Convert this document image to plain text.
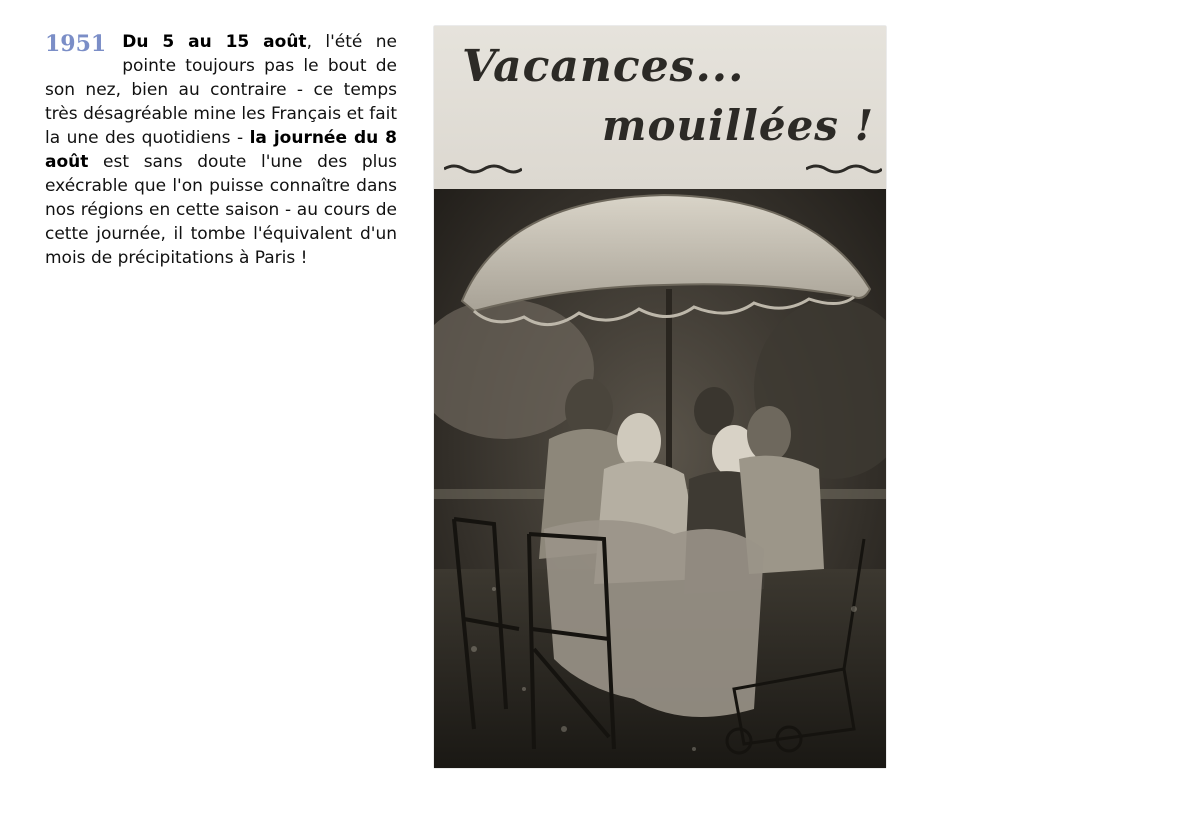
1951 Du 5 au 15 août, l'été ne pointe toujours pas le bout de son nez, bien au contraire - ce temps très désagréable mine les Français et fait la une des quotidiens - la journée du 8 août est sans doute l'une des plus exécrable que l'on puisse connaître dans nos régions en cette saison - au cours de cette journée, il tombe l'équivalent d'un mois de précipitations à Paris !
Vacances...
mouillées !
